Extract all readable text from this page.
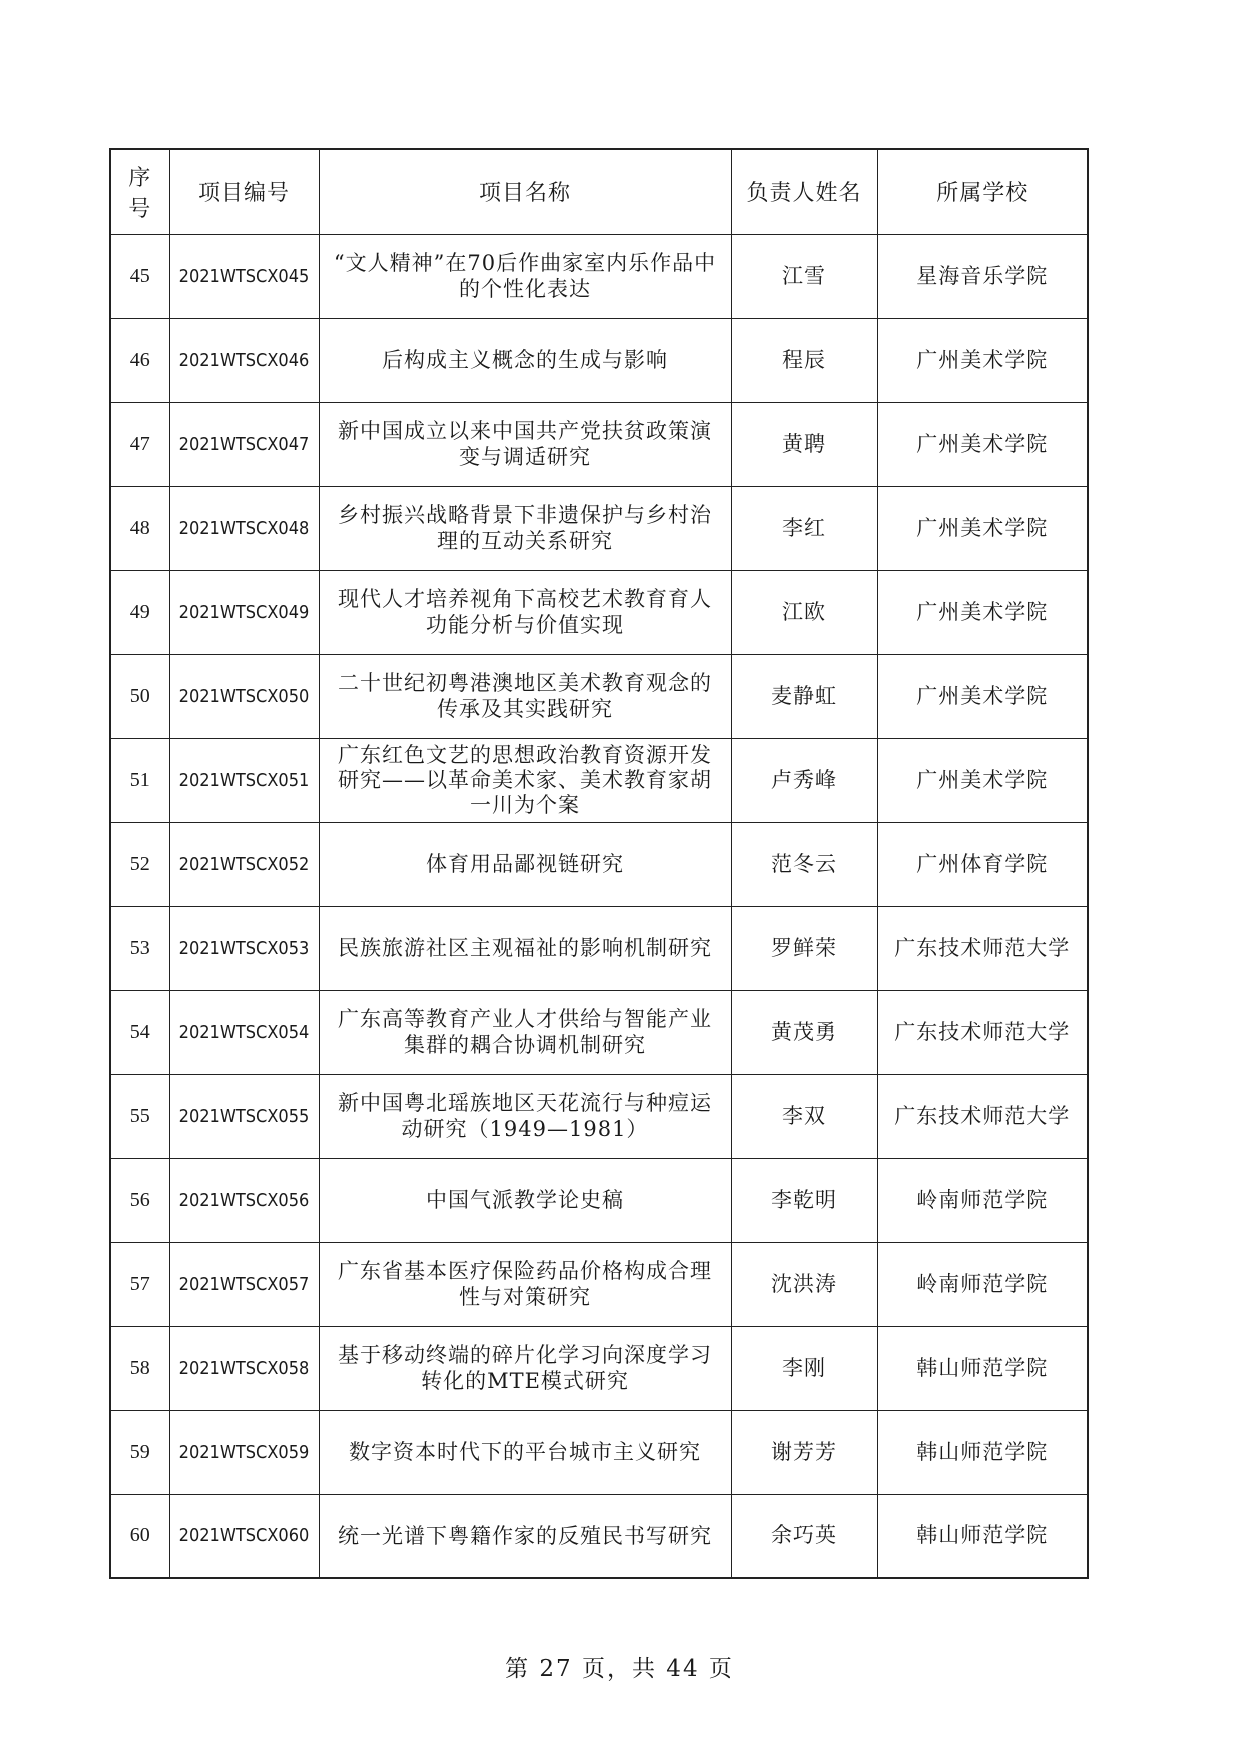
序号	项目编号	项目名称	负责人姓名	所属学校
45	2021WTSCX045	“文人精神”在70后作曲家室内乐作品中的个性化表达	江雪	星海音乐学院
46	2021WTSCX046	后构成主义概念的生成与影响	程辰	广州美术学院
47	2021WTSCX047	新中国成立以来中国共产党扶贫政策演变与调适研究	黄聘	广州美术学院
48	2021WTSCX048	乡村振兴战略背景下非遗保护与乡村治理的互动关系研究	李红	广州美术学院
49	2021WTSCX049	现代人才培养视角下高校艺术教育育人功能分析与价值实现	江欧	广州美术学院
50	2021WTSCX050	二十世纪初粤港澳地区美术教育观念的传承及其实践研究	麦静虹	广州美术学院
51	2021WTSCX051	广东红色文艺的思想政治教育资源开发研究——以革命美术家、美术教育家胡一川为个案	卢秀峰	广州美术学院
52	2021WTSCX052	体育用品鄙视链研究	范冬云	广州体育学院
53	2021WTSCX053	民族旅游社区主观福祉的影响机制研究	罗鲜荣	广东技术师范大学
54	2021WTSCX054	广东高等教育产业人才供给与智能产业集群的耦合协调机制研究	黄茂勇	广东技术师范大学
55	2021WTSCX055	新中国粤北瑶族地区天花流行与种痘运动研究（1949—1981）	李双	广东技术师范大学
56	2021WTSCX056	中国气派教学论史稿	李乾明	岭南师范学院
57	2021WTSCX057	广东省基本医疗保险药品价格构成合理性与对策研究	沈洪涛	岭南师范学院
58	2021WTSCX058	基于移动终端的碎片化学习向深度学习转化的MTE模式研究	李刚	韩山师范学院
59	2021WTSCX059	数字资本时代下的平台城市主义研究	谢芳芳	韩山师范学院
60	2021WTSCX060	统一光谱下粤籍作家的反殖民书写研究	余巧英	韩山师范学院
第 27 页，共 44 页
